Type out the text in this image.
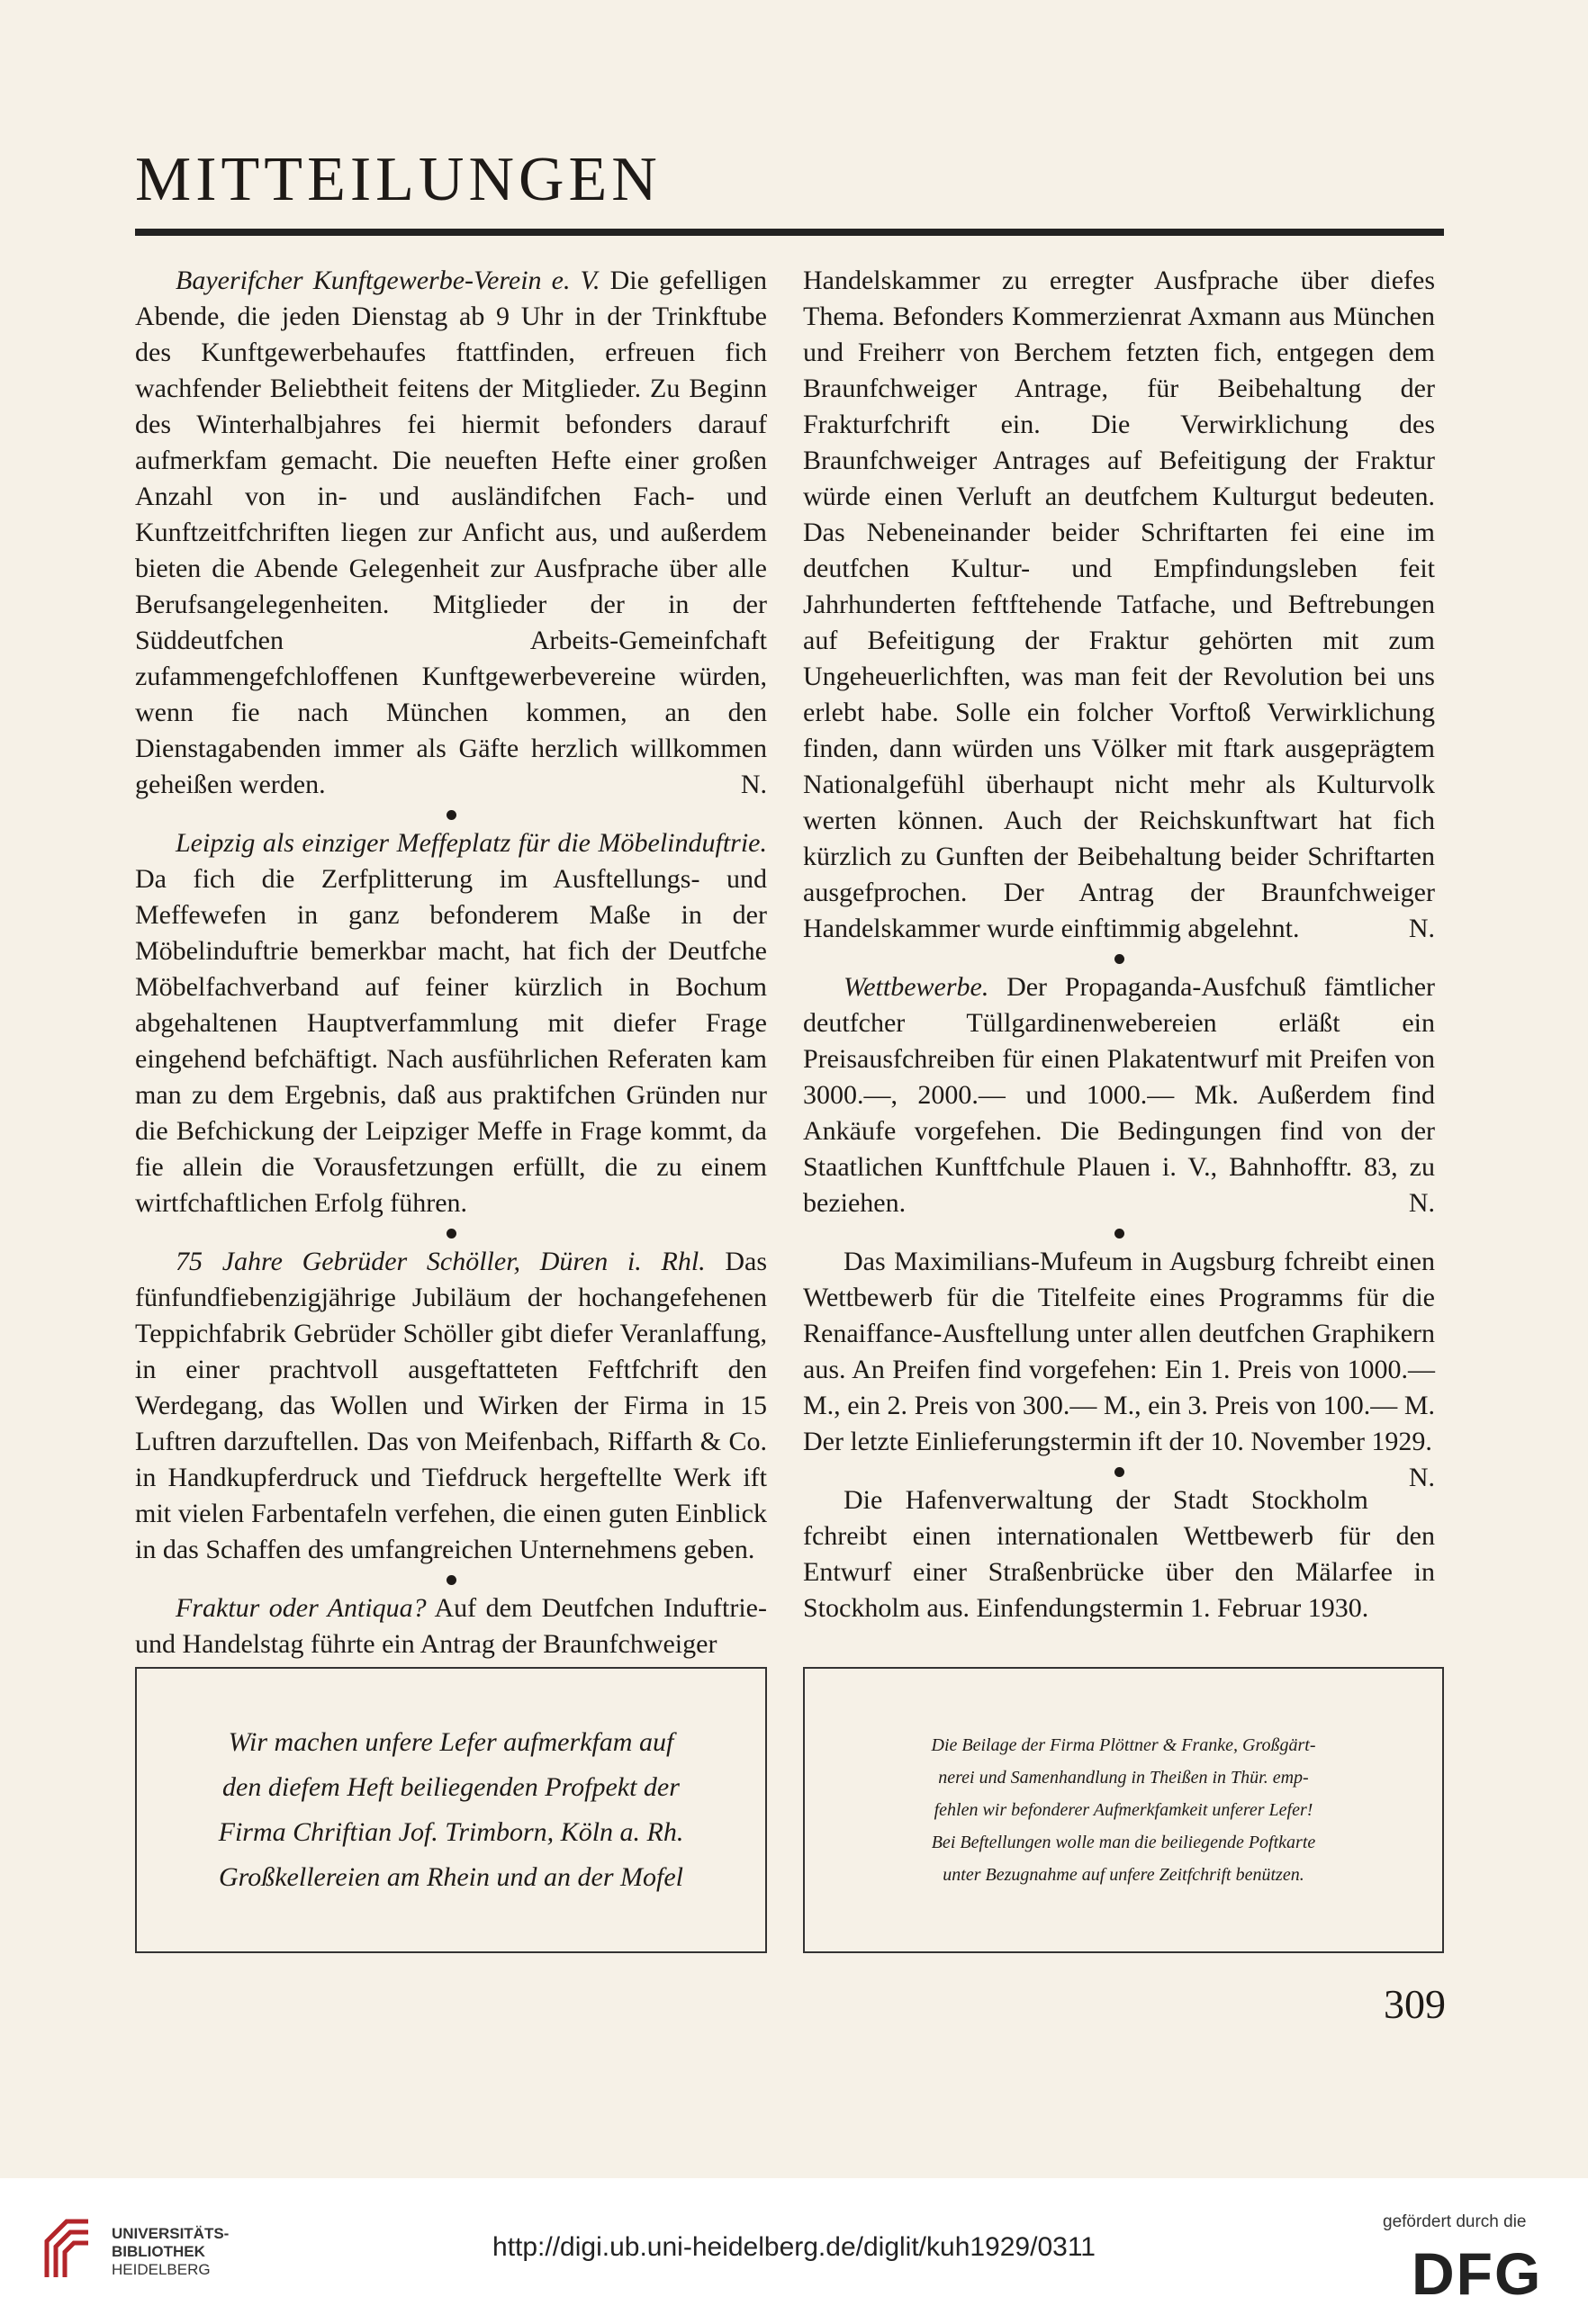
MITTEILUNGEN

Bayerifcher Kunftgewerbe-Verein e. V. Die gefelligen Abende, die jeden Dienstag ab 9 Uhr in der Trinkftube des Kunftgewerbehaufes ftattfinden, erfreuen fich wachfender Beliebtheit feitens der Mitglieder. Zu Beginn des Winterhalbjahres fei hiermit befonders darauf aufmerkfam gemacht. Die neueften Hefte einer großen Anzahl von in- und ausländifchen Fach- und Kunftzeitfchriften liegen zur Anficht aus, und außerdem bieten die Abende Gelegenheit zur Ausfprache über alle Berufsangelegenheiten. Mitglieder der in der Süddeutfchen Arbeits-Gemeinfchaft zufammengefchloffenen Kunftgewerbevereine würden, wenn fie nach München kommen, an den Dienstagabenden immer als Gäfte herzlich willkommen geheißen werden.	N.

Leipzig als einziger Meffeplatz für die Möbelinduftrie. Da fich die Zerfplitterung im Ausftellungs- und Meffewefen in ganz befonderem Maße in der Möbelinduftrie bemerkbar macht, hat fich der Deutfche Möbelfachverband auf feiner kürzlich in Bochum abgehaltenen Hauptverfammlung mit diefer Frage eingehend befchäftigt. Nach ausführlichen Referaten kam man zu dem Ergebnis, daß aus praktifchen Gründen nur die Befchickung der Leipziger Meffe in Frage kommt, da fie allein die Vorausfetzungen erfüllt, die zu einem wirtfchaftlichen Erfolg führen.

75 Jahre Gebrüder Schöller, Düren i. Rhl. Das fünfundfiebenzigjährige Jubiläum der hochangefehenen Teppichfabrik Gebrüder Schöller gibt diefer Veranlaffung, in einer prachtvoll ausgeftatteten Feftfchrift den Werdegang, das Wollen und Wirken der Firma in 15 Luftren darzuftellen. Das von Meifenbach, Riffarth & Co. in Handkupferdruck und Tiefdruck hergeftellte Werk ift mit vielen Farbentafeln verfehen, die einen guten Einblick in das Schaffen des umfangreichen Unternehmens geben.

Fraktur oder Antiqua? Auf dem Deutfchen Induftrie- und Handelstag führte ein Antrag der Braunfchweiger

Handelskammer zu erregter Ausfprache über diefes Thema. Befonders Kommerzienrat Axmann aus München und Freiherr von Berchem fetzten fich, entgegen dem Braunfchweiger Antrage, für Beibehaltung der Frakturfchrift ein. Die Verwirklichung des Braunfchweiger Antrages auf Befeitigung der Fraktur würde einen Verluft an deutfchem Kulturgut bedeuten. Das Nebeneinander beider Schriftarten fei eine im deutfchen Kultur- und Empfindungsleben feit Jahrhunderten feftftehende Tatfache, und Beftrebungen auf Befeitigung der Fraktur gehörten mit zum Ungeheuerlichften, was man feit der Revolution bei uns erlebt habe. Solle ein folcher Vorftoß Verwirklichung finden, dann würden uns Völker mit ftark ausgeprägtem Nationalgefühl überhaupt nicht mehr als Kulturvolk werten können. Auch der Reichskunftwart hat fich kürzlich zu Gunften der Beibehaltung beider Schriftarten ausgefprochen. Der Antrag der Braunfchweiger Handelskammer wurde einftimmig abgelehnt.	N.

Wettbewerbe. Der Propaganda-Ausfchuß fämtlicher deutfcher Tüllgardinenwebereien erläßt ein Preisausfchreiben für einen Plakatentwurf mit Preifen von 3000.—, 2000.— und 1000.— Mk. Außerdem find Ankäufe vorgefehen. Die Bedingungen find von der Staatlichen Kunftfchule Plauen i. V., Bahnhofftr. 83, zu beziehen.	N.

Das Maximilians-Mufeum in Augsburg fchreibt einen Wettbewerb für die Titelfeite eines Programms für die Renaiffance-Ausftellung unter allen deutfchen Graphikern aus. An Preifen find vorgefehen: Ein 1. Preis von 1000.— M., ein 2. Preis von 300.— M., ein 3. Preis von 100.— M. Der letzte Einlieferungstermin ift der 10. November 1929.
N.

Die Hafenverwaltung der Stadt Stockholm fchreibt einen internationalen Wettbewerb für den Entwurf einer Straßenbrücke über den Mälarfee in Stockholm aus. Einfendungstermin 1. Februar 1930.

Wir machen unfere Lefer aufmerkfam auf
den diefem Heft beiliegenden Profpekt der
Firma Chriftian Jof. Trimborn, Köln a. Rh.
Großkellereien am Rhein und an der Mofel
Die Beilage der Firma Plöttner & Franke, Großgärt-
nerei und Samenhandlung in Theißen in Thür. emp-
fehlen wir befonderer Aufmerkfamkeit unferer Lefer!
Bei Beftellungen wolle man die beiliegende Poftkarte
unter Bezugnahme auf unfere Zeitfchrift benützen.
309
UNIVERSITÄTS-
BIBLIOTHEK
HEIDELBERG
http://digi.ub.uni-heidelberg.de/diglit/kuh1929/0311
gefördert durch die
DFG
